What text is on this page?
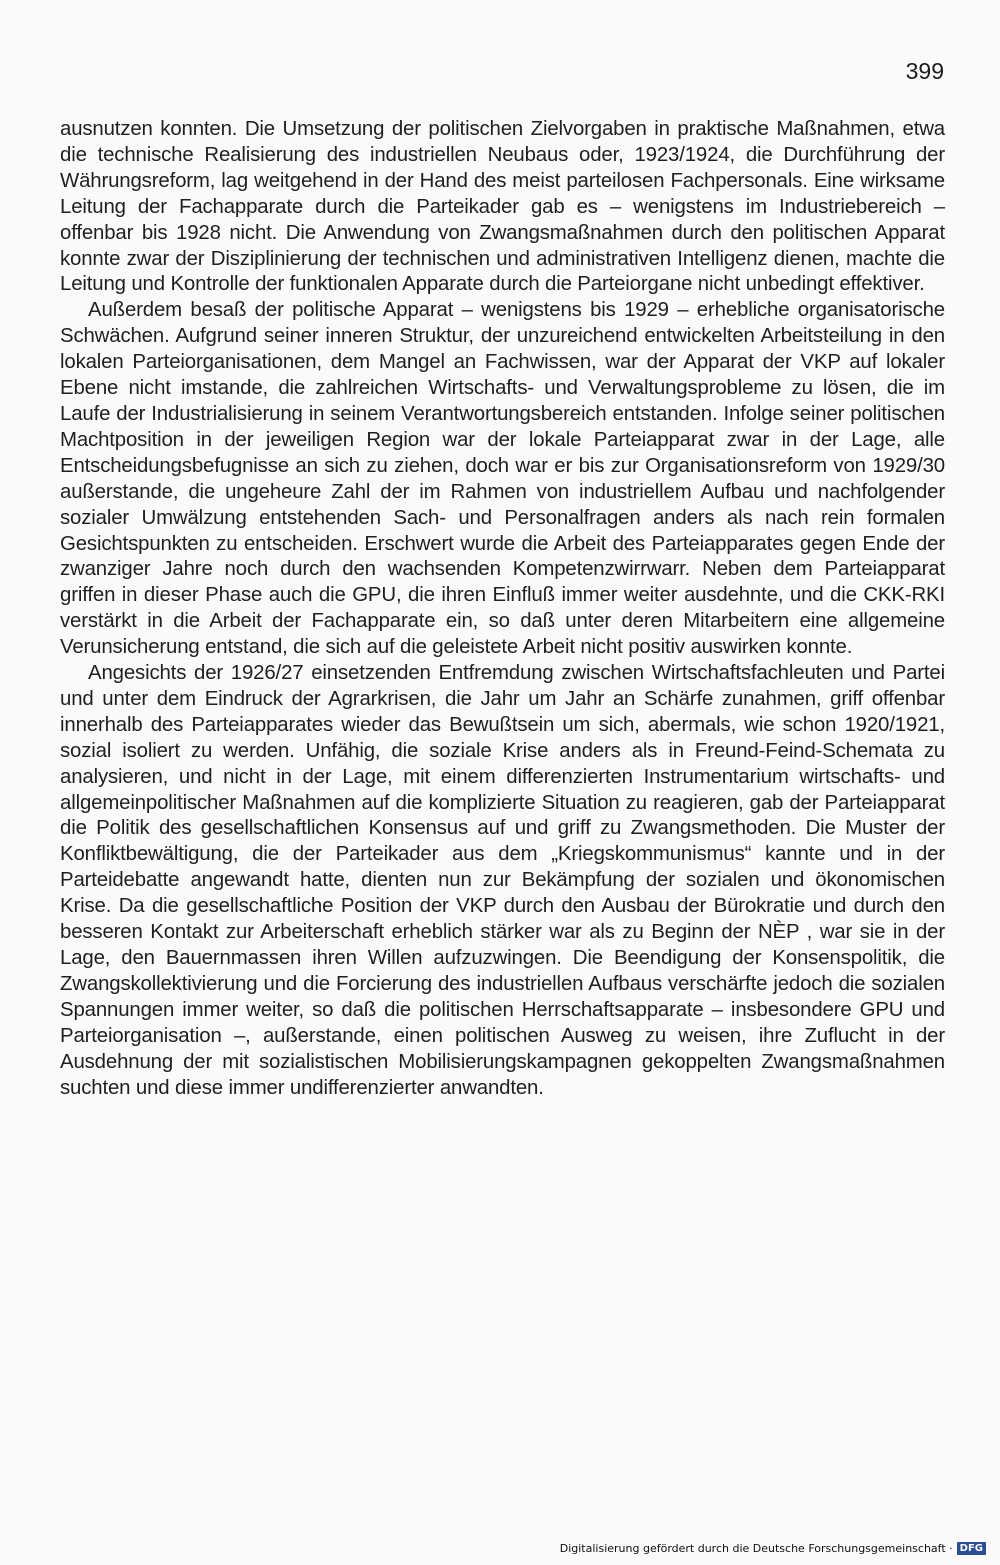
399

ausnutzen konnten. Die Umsetzung der politischen Zielvorgaben in praktische Maßnahmen, etwa die technische Realisierung des industriellen Neubaus oder, 1923/1924, die Durchführung der Währungsreform, lag weitgehend in der Hand des meist parteilosen Fachpersonals. Eine wirksame Leitung der Fachapparate durch die Parteikader gab es – wenigstens im Industriebereich – offenbar bis 1928 nicht. Die Anwendung von Zwangsmaßnahmen durch den politischen Apparat konnte zwar der Disziplinierung der technischen und administrativen Intelligenz dienen, machte die Leitung und Kontrolle der funktionalen Apparate durch die Parteiorgane nicht unbedingt effektiver.

Außerdem besaß der politische Apparat – wenigstens bis 1929 – erhebliche organisatorische Schwächen. Aufgrund seiner inneren Struktur, der unzureichend entwickelten Arbeitsteilung in den lokalen Parteiorganisationen, dem Mangel an Fachwissen, war der Apparat der VKP auf lokaler Ebene nicht imstande, die zahlreichen Wirtschafts- und Verwaltungsprobleme zu lösen, die im Laufe der Industrialisierung in seinem Verantwortungsbereich entstanden. Infolge seiner politischen Machtposition in der jeweiligen Region war der lokale Parteiapparat zwar in der Lage, alle Entscheidungsbefugnisse an sich zu ziehen, doch war er bis zur Organisationsreform von 1929/30 außerstande, die ungeheure Zahl der im Rahmen von industriellem Aufbau und nachfolgender sozialer Umwälzung entstehenden Sach- und Personalfragen anders als nach rein formalen Gesichtspunkten zu entscheiden. Erschwert wurde die Arbeit des Parteiapparates gegen Ende der zwanziger Jahre noch durch den wachsenden Kompetenzwirrwarr. Neben dem Parteiapparat griffen in dieser Phase auch die GPU, die ihren Einfluß immer weiter ausdehnte, und die CKK-RKI verstärkt in die Arbeit der Fachapparate ein, so daß unter deren Mitarbeitern eine allgemeine Verunsicherung entstand, die sich auf die geleistete Arbeit nicht positiv auswirken konnte.

Angesichts der 1926/27 einsetzenden Entfremdung zwischen Wirtschaftsfachleuten und Partei und unter dem Eindruck der Agrarkrisen, die Jahr um Jahr an Schärfe zunahmen, griff offenbar innerhalb des Parteiapparates wieder das Bewußtsein um sich, abermals, wie schon 1920/1921, sozial isoliert zu werden. Unfähig, die soziale Krise anders als in Freund-Feind-Schemata zu analysieren, und nicht in der Lage, mit einem differenzierten Instrumentarium wirtschafts- und allgemeinpolitischer Maßnahmen auf die komplizierte Situation zu reagieren, gab der Parteiapparat die Politik des gesellschaftlichen Konsensus auf und griff zu Zwangsmethoden. Die Muster der Konfliktbewältigung, die der Parteikader aus dem „Kriegskommunismus“ kannte und in der Parteidebatte angewandt hatte, dienten nun zur Bekämpfung der sozialen und ökonomischen Krise. Da die gesellschaftliche Position der VKP durch den Ausbau der Bürokratie und durch den besseren Kontakt zur Arbeiterschaft erheblich stärker war als zu Beginn der NÈP , war sie in der Lage, den Bauernmassen ihren Willen aufzuzwingen. Die Beendigung der Konsenspolitik, die Zwangskollektivierung und die Forcierung des industriellen Aufbaus verschärfte jedoch die sozialen Spannungen immer weiter, so daß die politischen Herrschaftsapparate – insbesondere GPU und Parteiorganisation –, außerstande, einen politischen Ausweg zu weisen, ihre Zuflucht in der Ausdehnung der mit sozialistischen Mobilisierungskampagnen gekoppelten Zwangsmaßnahmen suchten und diese immer undifferenzierter anwandten.

Digitalisierung gefördert durch die Deutsche Forschungsgemeinschaft · DFG
